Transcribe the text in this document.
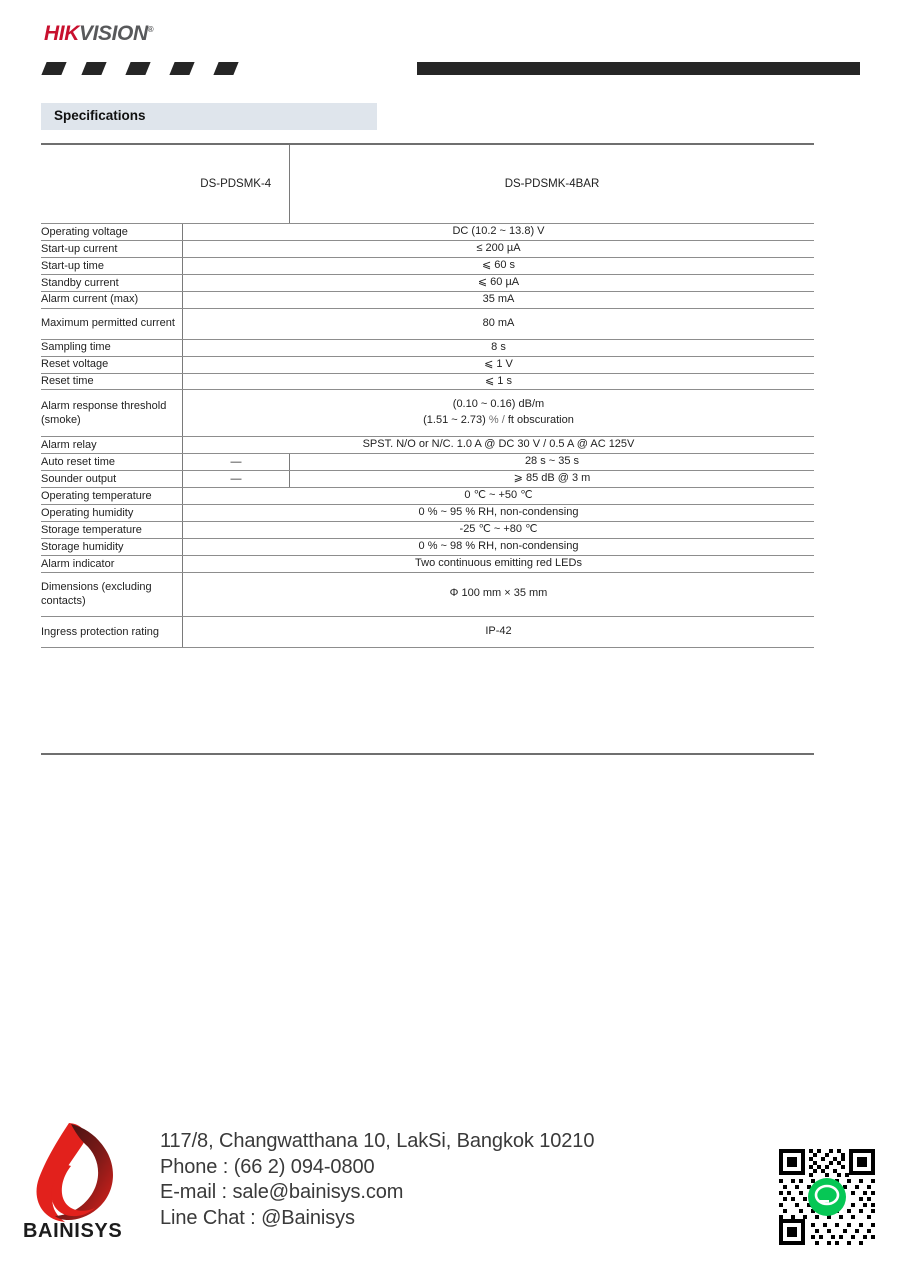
HIKVISION®
Specifications
	DS-PDSMK-4	DS-PDSMK-4BAR
Operating voltage	DC (10.2 ~ 13.8) V	
Start-up current	≤ 200 µA	
Start-up time	⩽ 60 s	
Standby current	⩽ 60 µA	
Alarm current (max)	35 mA	
Maximum permitted current	80 mA	
Sampling time	8 s	
Reset voltage	⩽ 1 V	
Reset time	⩽ 1 s	
Alarm response threshold (smoke)	(0.10 ~ 0.16) dB/m
(1.51 ~ 2.73) % / ft obscuration	

Alarm relay	SPST. N/O or N/C. 1.0 A @ DC 30 V / 0.5 A @ AC 125V	
Auto reset time	—	28 s ~ 35 s
Sounder output	—	⩾ 85 dB @ 3 m
Operating temperature	0 ℃ ~ +50 ℃	
Operating humidity	0 % ~ 95 % RH, non-condensing	
Storage temperature	-25 ℃ ~ +80 ℃	
Storage humidity	0 % ~ 98 % RH, non-condensing	
Alarm indicator	Two continuous emitting red LEDs	
Dimensions (excluding contacts)	Φ 100 mm × 35 mm	
Ingress protection rating	IP-42	
BAINISYS
117/8, Changwatthana 10, LakSi, Bangkok 10210
Phone : (66 2) 094-0800
E-mail : sale@bainisys.com
Line Chat : @Bainisys
